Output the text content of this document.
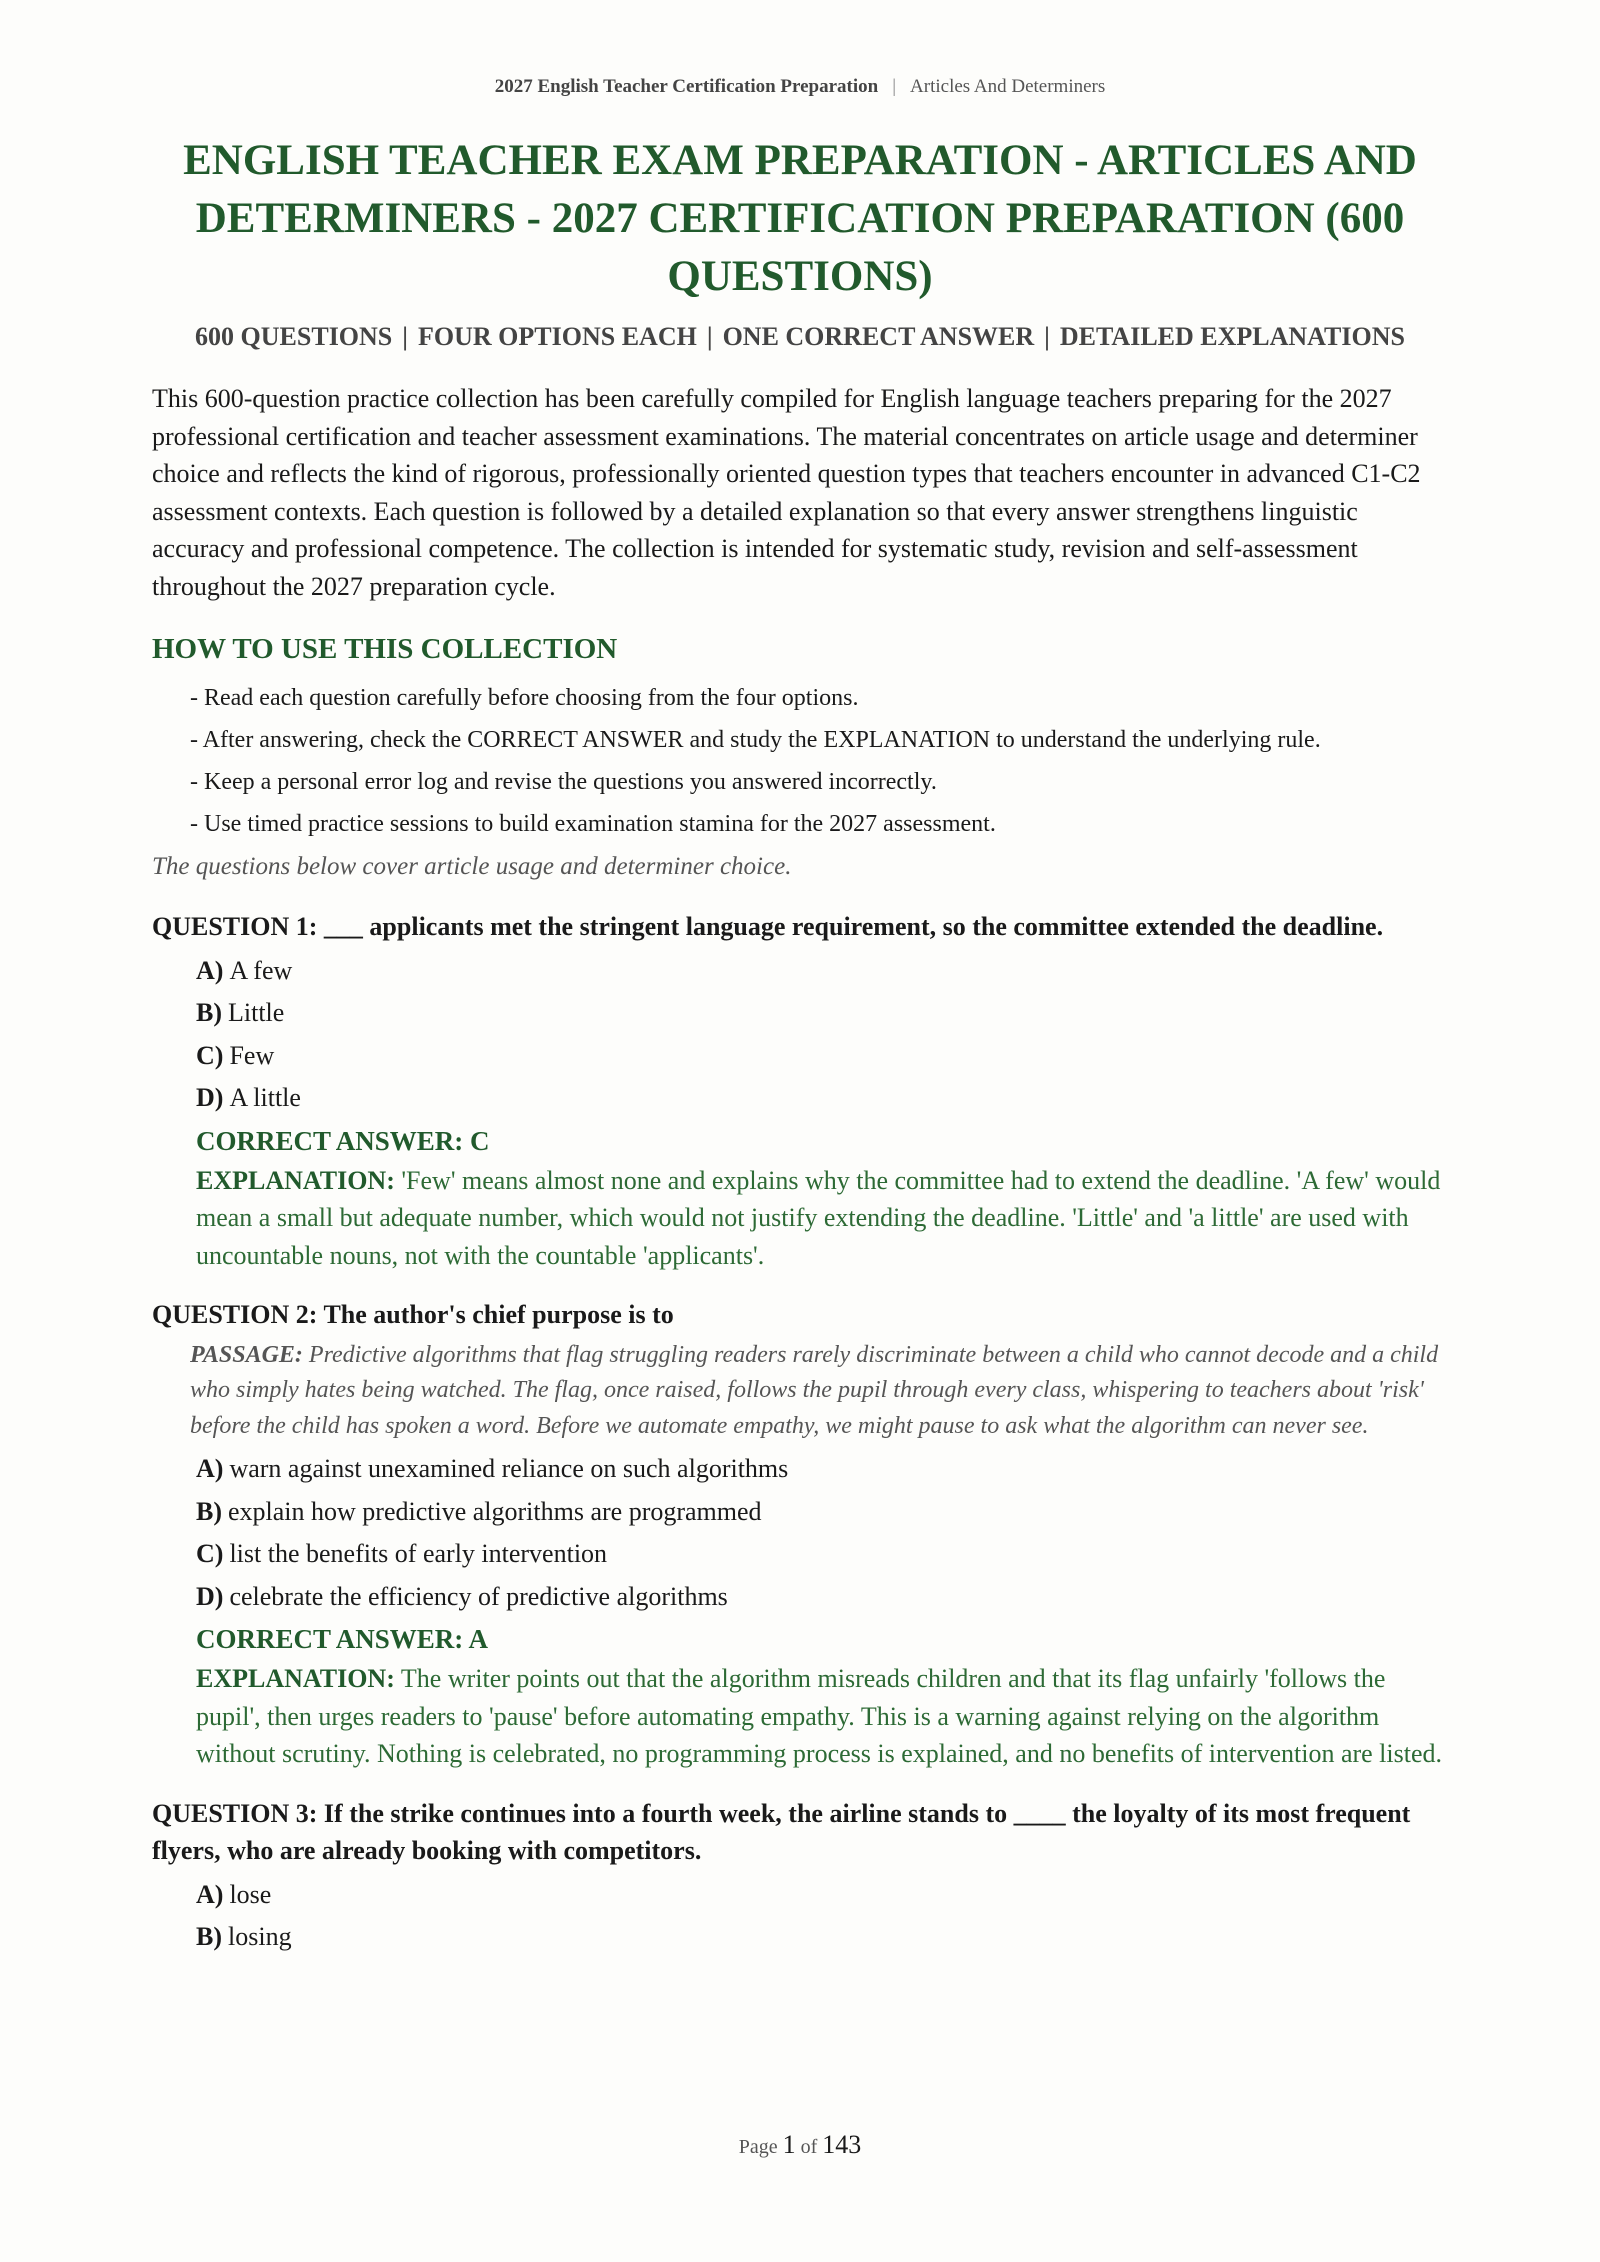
2027 English Teacher Certification Preparation | Articles And Determiners
ENGLISH TEACHER EXAM PREPARATION - ARTICLES AND DETERMINERS - 2027 CERTIFICATION PREPARATION (600 QUESTIONS)
600 QUESTIONS | FOUR OPTIONS EACH | ONE CORRECT ANSWER | DETAILED EXPLANATIONS

This 600-question practice collection has been carefully compiled for English language teachers preparing for the 2027 professional certification and teacher assessment examinations. The material concentrates on article usage and determiner choice and reflects the kind of rigorous, professionally oriented question types that teachers encounter in advanced C1-C2 assessment contexts. Each question is followed by a detailed explanation so that every answer strengthens linguistic accuracy and professional competence. The collection is intended for systematic study, revision and self-assessment throughout the 2027 preparation cycle.

HOW TO USE THIS COLLECTION
- Read each question carefully before choosing from the four options.
- After answering, check the CORRECT ANSWER and study the EXPLANATION to understand the underlying rule.
- Keep a personal error log and revise the questions you answered incorrectly.
- Use timed practice sessions to build examination stamina for the 2027 assessment.

The questions below cover article usage and determiner choice.

QUESTION 1: ___ applicants met the stringent language requirement, so the committee extended the deadline.

A) A few
B) Little
C) Few
D) A little

CORRECT ANSWER: C

EXPLANATION: 'Few' means almost none and explains why the committee had to extend the deadline. 'A few' would mean a small but adequate number, which would not justify extending the deadline. 'Little' and 'a little' are used with uncountable nouns, not with the countable 'applicants'.

QUESTION 2: The author's chief purpose is to

PASSAGE: Predictive algorithms that flag struggling readers rarely discriminate between a child who cannot decode and a child who simply hates being watched. The flag, once raised, follows the pupil through every class, whispering to teachers about 'risk' before the child has spoken a word. Before we automate empathy, we might pause to ask what the algorithm can never see.

A) warn against unexamined reliance on such algorithms
B) explain how predictive algorithms are programmed
C) list the benefits of early intervention
D) celebrate the efficiency of predictive algorithms

CORRECT ANSWER: A

EXPLANATION: The writer points out that the algorithm misreads children and that its flag unfairly 'follows the pupil', then urges readers to 'pause' before automating empathy. This is a warning against relying on the algorithm without scrutiny. Nothing is celebrated, no programming process is explained, and no benefits of intervention are listed.

QUESTION 3: If the strike continues into a fourth week, the airline stands to ____ the loyalty of its most frequent flyers, who are already booking with competitors.

A) lose
B) losing
Page 1 of 143
